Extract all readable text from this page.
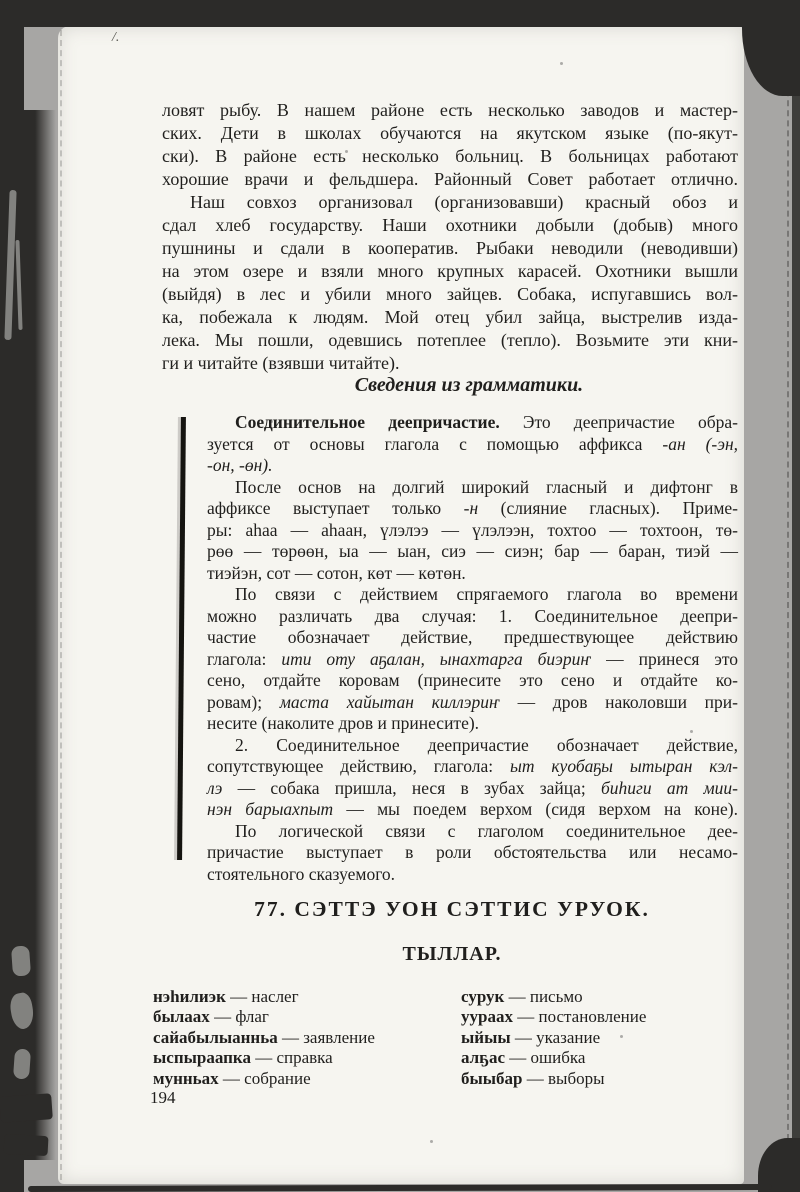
/.
ловят рыбу. В нашем районе есть несколько заводов и мастер-
ских. Дети в школах обучаются на якутском языке (по-якут-
ски). В районе есть несколько больниц. В больницах работают
хорошие врачи и фельдшера. Районный Совет работает отлично.
Наш совхоз организовал (организовавши) красный обоз и
сдал хлеб государству. Наши охотники добыли (добыв) много
пушнины и сдали в кооператив. Рыбаки неводили (неводивши)
на этом озере и взяли много крупных карасей. Охотники вышли
(выйдя) в лес и убили много зайцев. Собака, испугавшись вол-
ка, побежала к людям. Мой отец убил зайца, выстрелив изда-
лека. Мы пошли, одевшись потеплее (тепло). Возьмите эти кни-
ги и читайте (взявши читайте).
Сведения из грамматики.
Соединительное деепричастие. Это деепричастие обра-
зуется от основы глагола с помощью аффикса -ан (-эн,
-он, -өн).
После основ на долгий широкий гласный и дифтонг в
аффиксе выступает только -н (слияние гласных). Приме-
ры: аһаа — аһаан, үлэлээ — үлэлээн, тохтоо — тохтоон, тө-
рөө — төрөөн, ыа — ыан, сиэ — сиэн; бар — баран, тиэй —
тиэйэн, сот — сотон, көт — көтөн.
По связи с действием спрягаемого глагола во времени
можно различать два случая: 1. Соединительное деепри-
частие обозначает действие, предшествующее действию
глагола: ити оту аҕалан, ынахтарга биэриҥ — принеся это
сено, отдайте коровам (принесите это сено и отдайте ко-
ровам); маста хайытан киллэриҥ — дров наколовши при-
несите (наколите дров и принесите).
2. Соединительное деепричастие обозначает действие,
сопутствующее действию, глагола: ыт куобаҕы ытыран кэл-
лэ — собака пришла, неся в зубах зайца; биһиги ат мии-
нэн барыахпыт — мы поедем верхом (сидя верхом на коне).
По логической связи с глаголом соединительное дее-
причастие выступает в роли обстоятельства или несамо-
стоятельного сказуемого.
77. СЭТТЭ УОН СЭТТИС УРУОК.
ТЫЛЛАР.
нэһилиэк — наслег
былаах — флаг
сайабылыанньа — заявление
ыспыраапка — справка
мунньах — собрание
сурук — письмо
уураах — постановление
ыйыы — указание
алҕас — ошибка
быыбар — выборы
194
